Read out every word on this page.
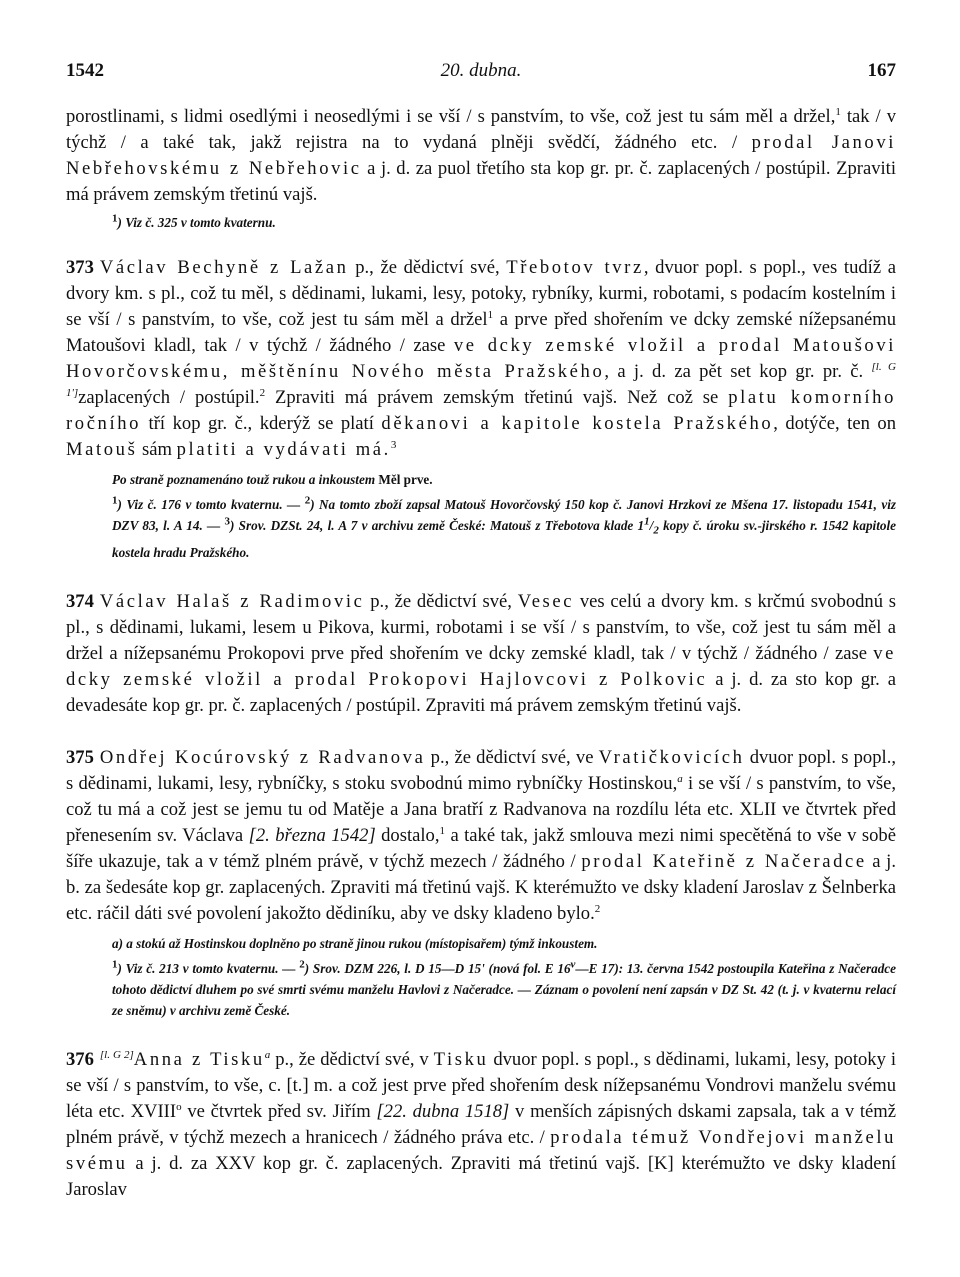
1542	20. dubna.	167

porostlinami, s lidmi osedlými i neosedlými i se vší / s panstvím, to vše, což jest tu sám měl a držel,$^1$ tak / v týchž / a také tak, jakž rejistra na to vydaná plněji svědčí, žádného etc. / prodal Janovi Nebřehovskému z Nebřehovic a j. d. za puol třetího sta kop gr. pr. č. zaplacených / postúpil. Zpraviti má právem zemským třetinú vajš.

$^1$) Viz č. 325 v tomto kvaternu.

373 Václav Bechyně z Lažan p., že dědictví své, Třebotov tvrz, dvuor popl. s popl., ves tudíž a dvory km. s pl., což tu měl, s dědinami, lukami, lesy, potoky, rybníky, kurmi, robotami, s podacím kostelním i se vší / s panstvím, to vše, což jest tu sám měl a držel$^1$ a prve před shořením ve dcky zemské nížepsanému Matoušovi kladl, tak / v týchž / žádného / zase ve dcky zemské vložil a prodal Matoušovi Hovorčovskému, měštěnínu Nového města Pražského, a j. d. za pět set kop gr. pr. č. [l. G 1']zaplacených / postúpil.$^2$ Zpraviti má právem zemským třetinú vajš. Než což se platu komorního ročního tří kop gr. č., kderýž se platí děkanovi a kapitole kostela Pražského, dotýče, ten on Matouš sám platiti a vydávati má.$^3$

Po straně poznamenáno touž rukou a inkoustem Měl prve.

$^1$) Viz č. 176 v tomto kvaternu. — $^2$) Na tomto zboží zapsal Matouš Hovorčovský 150 kop č. Janovi Hrzkovi ze Mšena 17. listopadu 1541, viz DZV 83, l. A 14. — $^3$) Srov. DZSt. 24, l. A 7 v archivu země České: Matouš z Třebotova klade $1^1/_2$ kopy č. úroku sv.-jirského r. 1542 kapitole kostela hradu Pražského.

374 Václav Halaš z Radimovic p., že dědictví své, Vesec ves celú a dvory km. s krčmú svobodnú s pl., s dědinami, lukami, lesem u Pikova, kurmi, robotami i se vší / s panstvím, to vše, což jest tu sám měl a držel a nížepsanému Prokopovi prve před shořením ve dcky zemské kladl, tak / v týchž / žádného / zase ve dcky zemské vložil a prodal Prokopovi Hajlovcovi z Polkovic a j. d. za sto kop gr. a devadesáte kop gr. pr. č. zaplacených / postúpil. Zpraviti má právem zemským třetinú vajš.

375 Ondřej Kocúrovský z Radvanova p., že dědictví své, ve Vratičkovicích dvuor popl. s popl., s dědinami, lukami, lesy, rybníčky, s stoku svobodnú mimo rybníčky Hostinskou,$^a$ i se vší / s panstvím, to vše, což tu má a což jest se jemu tu od Matěje a Jana bratří z Radvanova na rozdílu léta etc. XLII ve čtvrtek před přenesením sv. Václava [2. března 1542] dostalo,$^1$ a také tak, jakž smlouva mezi nimi specětěná to vše v sobě šíře ukazuje, tak a v témž plném právě, v týchž mezech / žádného / prodal Kateřině z Načeradce a j. b. za šedesáte kop gr. zaplacených. Zpraviti má třetinú vajš. K kterémužto ve dsky kladení Jaroslav z Šelnberka etc. ráčil dáti své povolení jakožto dědiníku, aby ve dsky kladeno bylo.$^2$

a) a stokú až Hostinskou doplněno po straně jinou rukou (místopisařem) týmž inkoustem.

$^1$) Viz č. 213 v tomto kvaternu. — $^2$) Srov. DZM 226, l. D 15—D 15' (nová fol. E 16$^v$—E 17): 13. června 1542 postoupila Kateřina z Načeradce tohoto dědictví dluhem po své smrti svému manželu Havlovi z Načeradce. — Záznam o povolení není zapsán v DZ St. 42 (t. j. v kvaternu relací ze sněmu) v archivu země České.

376 [l. G 2]Anna z Tisku$^a$ p., že dědictví své, v Tisku dvuor popl. s popl., s dědinami, lukami, lesy, potoky i se vší / s panstvím, to vše, c. [t.] m. a což jest prve před shořením desk nížepsanému Vondrovi manželu svému léta etc. XVIII$^o$ ve čtvrtek před sv. Jiřím [22. dubna 1518] v menších zápisných dskami zapsala, tak a v témž plném právě, v týchž mezech a hranicech / žádného práva etc. / prodala témuž Vondřejovi manželu svému a j. d. za XXV kop gr. č. zaplacených. Zpraviti má třetinú vajš. [K] kterémužto ve dsky kladení Jaroslav
